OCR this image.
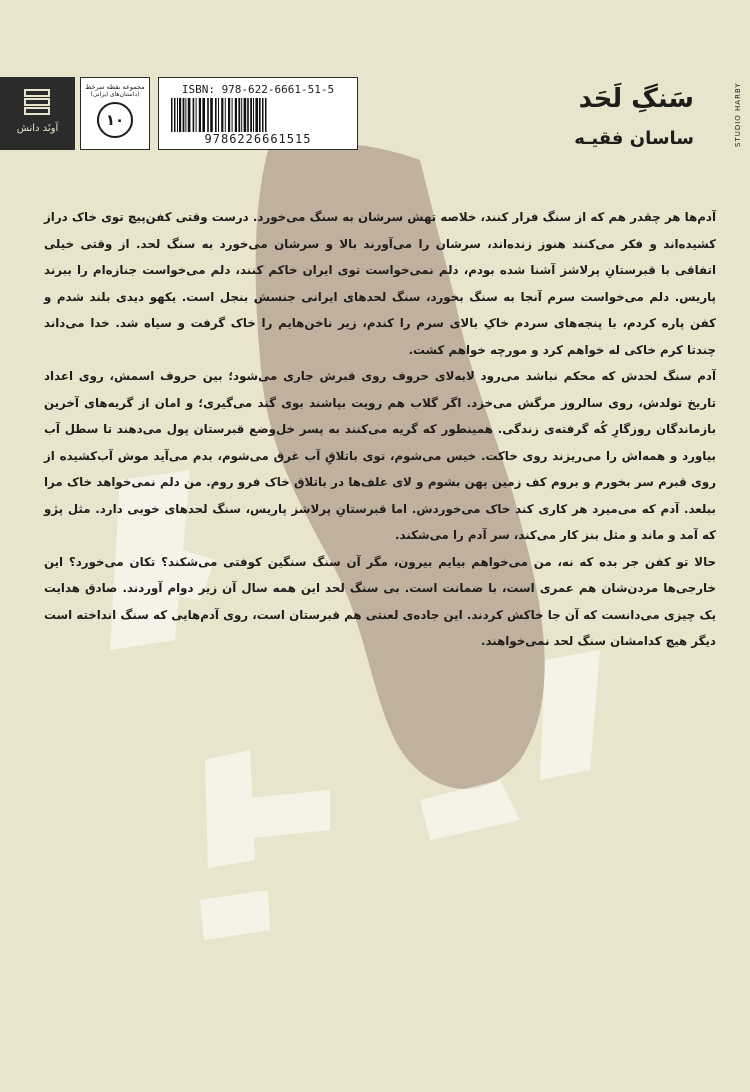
آونَد دانش
مجموعه نقطه سرخط
(داستان‌های ایرانی)
۱۰
ISBN: 978-622-6661-51-5
9786226661515	STUDIO HARBY
سَنگِ لَحَد
ساسان فقیـه

آدم‌ها هر چقدر هم که از سنگ فرار کنند، خلاصه تهش سرشان به سنگ می‌خورد. درست وقتی کفن‌پیچ توی خاک دراز کشیده‌اند و فکر می‌کنند هنوز زنده‌اند، سرشان را می‌آورند بالا و سرشان می‌خورد به سنگ لحد. از وقتی خیلی اتفاقی با قبرستانِ پرلاشز آشنا شده بودم، دلم نمی‌خواست توی ایران خاکم کنند، دلم می‌خواست جنازه‌ام را ببرند پاریس. دلم می‌خواست سرم آنجا به سنگ بخورد، سنگ لحدهای ایرانی جنسش بنجل است. یکهو دیدی بلند شدم و کفن پاره کردم، با پنجه‌های سردم خاکِ بالای سرم را کندم، زیر ناخن‌هایم را خاک گرفت و سیاه شد. خدا می‌داند چندتا کرم خاکی له خواهم کرد و مورچه خواهم کشت.

آدم سنگ لحدش که محکم نباشد می‌رود لابه‌لای حروف روی قبرش جاری می‌شود؛ بین حروف اسمش، روی اعداد تاریخ تولدش، روی سالروز مرگش می‌خزد. اگر گلاب هم رویت بپاشند بوی گند می‌گیری؛ و امان از گریه‌های آخرین بازماندگان روزگارِ کُه گرفته‌ی زندگی. همینطور که گریه می‌کنند به پسر خل‌وضع قبرستان پول می‌دهند تا سطل آب بیاورد و همه‌اش را می‌ریزند روی خاکت. خیس می‌شوم، توی باتلاقِ آب غرق می‌شوم، بدم می‌آید موش آب‌کشیده از روی قبرم سر بخورم و بروم کف زمین پهن بشوم و لای علف‌ها در باتلاق خاک فرو روم. من دلم نمی‌خواهد خاک مرا ببلعد. آدم که می‌میرد هر کاری کند خاک می‌خوردش. اما قبرستانِ پرلاشز پاریس، سنگ لحدهای خوبی دارد. مثل پژو که آمد و ماند و مثل بنز کار می‌کند، سر آدم را می‌شکند.

حالا تو کفن جر بده که نه، من می‌خواهم بیایم بیرون، مگر آن سنگ سنگین کوفتی می‌شکند؟ تکان می‌خورد؟ این خارجی‌ها مردن‌شان هم عمری است، با ضمانت است. بی سنگ لحد این همه سال آن زیر دوام آوردند. صادق هدایت یک چیزی می‌دانست که آن جا خاکش کردند. این جاده‌ی لعنتی هم قبرستان است، روی آدم‌هایی که سنگ انداخته است دیگر هیچ کدامشان سنگ لحد نمی‌خواهند.
